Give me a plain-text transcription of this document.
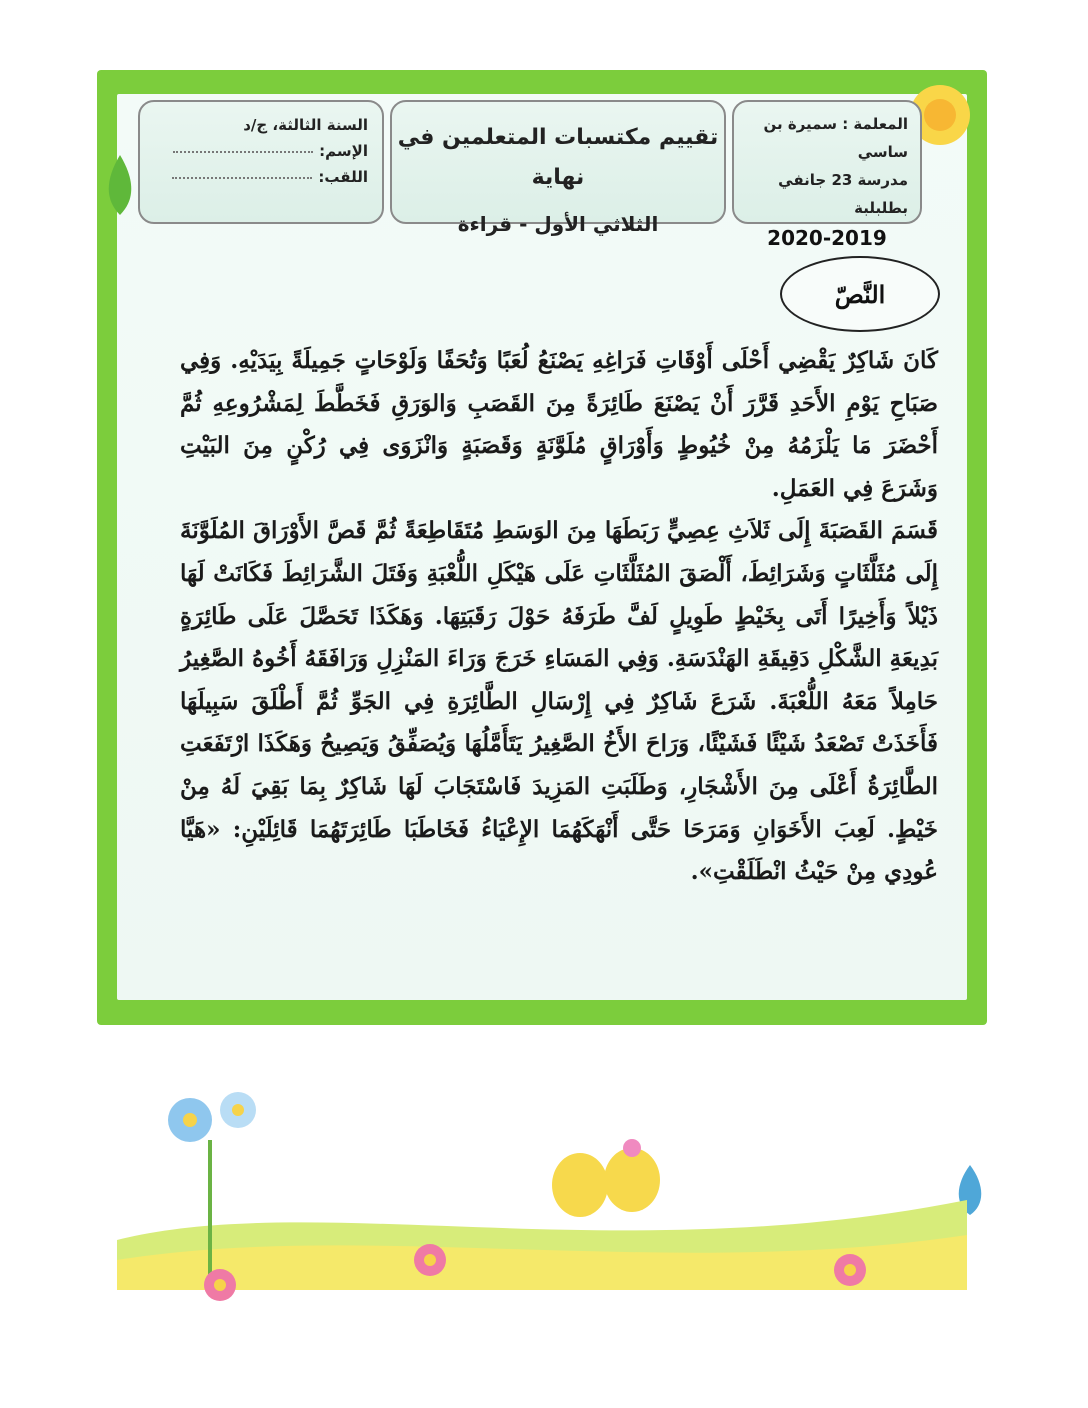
المعلمة : سميرة بن ساسي
مدرسة 23 جانفي بطلبلبة
2020-2019
تقييم مكتسبات المتعلمين في نهاية
الثلاثي الأول - قراءة
السنة الثالثة، ج/د
الإسم:
اللقب:
النَّصّ

كَانَ شَاكِرٌ يَقْضِي أَحْلَى أَوْقَاتِ فَرَاغِهِ يَصْنَعُ لُعَبًا وَتُحَفًا وَلَوْحَاتٍ جَمِيلَةً بِيَدَيْهِ. وَفِي صَبَاحِ يَوْمِ الأَحَدِ قَرَّرَ أَنْ يَصْنَعَ طَائِرَةً مِنَ القَصَبِ وَالوَرَقِ فَخَطَّطَ لِمَشْرُوعِهِ ثُمَّ أَحْضَرَ مَا يَلْزَمُهُ مِنْ خُيُوطٍ وَأَوْرَاقٍ مُلَوَّنَةٍ وَقَصَبَةٍ وَانْزَوَى فِي رُكْنٍ مِنَ البَيْتِ وَشَرَعَ فِي العَمَلِ.

قَسَمَ القَصَبَةَ إِلَى ثَلاَثِ عِصِيٍّ رَبَطَهَا مِنَ الوَسَطِ مُتَقَاطِعَةً ثُمَّ قَصَّ الأَوْرَاقَ المُلَوَّنَةَ إِلَى مُثَلَّثَاتٍ وَشَرَائِطَ، أَلْصَقَ المُثَلَّثَاتِ عَلَى هَيْكَلِ اللُّعْبَةِ وَفَتَلَ الشَّرَائِطَ فَكَانَتْ لَهَا ذَيْلاً وَأَخِيرًا أَتَى بِخَيْطٍ طَوِيلٍ لَفَّ طَرَفَهُ حَوْلَ رَقَبَتِهَا. وَهَكَذَا تَحَصَّلَ عَلَى طَائِرَةٍ بَدِيعَةِ الشَّكْلِ دَقِيقَةِ الهَنْدَسَةِ. وَفِي المَسَاءِ خَرَجَ وَرَاءَ المَنْزِلِ وَرَافَقَهُ أَخُوهُ الصَّغِيرُ حَامِلاً مَعَهُ اللُّعْبَةَ. شَرَعَ شَاكِرٌ فِي إِرْسَالِ الطَّائِرَةِ فِي الجَوِّ ثُمَّ أَطْلَقَ سَبِيلَهَا فَأَخَذَتْ تَصْعَدُ شَيْئًا فَشَيْئًا، وَرَاحَ الأَخُ الصَّغِيرُ يَتَأَمَّلُهَا وَيُصَفِّقُ وَيَصِيحُ وَهَكَذَا ارْتَفَعَتِ الطَّائِرَةُ أَعْلَى مِنَ الأَشْجَارِ، وَطَلَبَتِ المَزِيدَ فَاسْتَجَابَ لَهَا شَاكِرٌ بِمَا بَقِيَ لَهُ مِنْ خَيْطٍ. لَعِبَ الأَخَوَانِ وَمَرَحَا حَتَّى أَنْهَكَهُمَا الإِعْيَاءُ فَخَاطَبَا طَائِرَتَهُمَا قَائِلَيْنِ: «هَيَّا عُودِي مِنْ حَيْثُ انْطَلَقْتِ».
